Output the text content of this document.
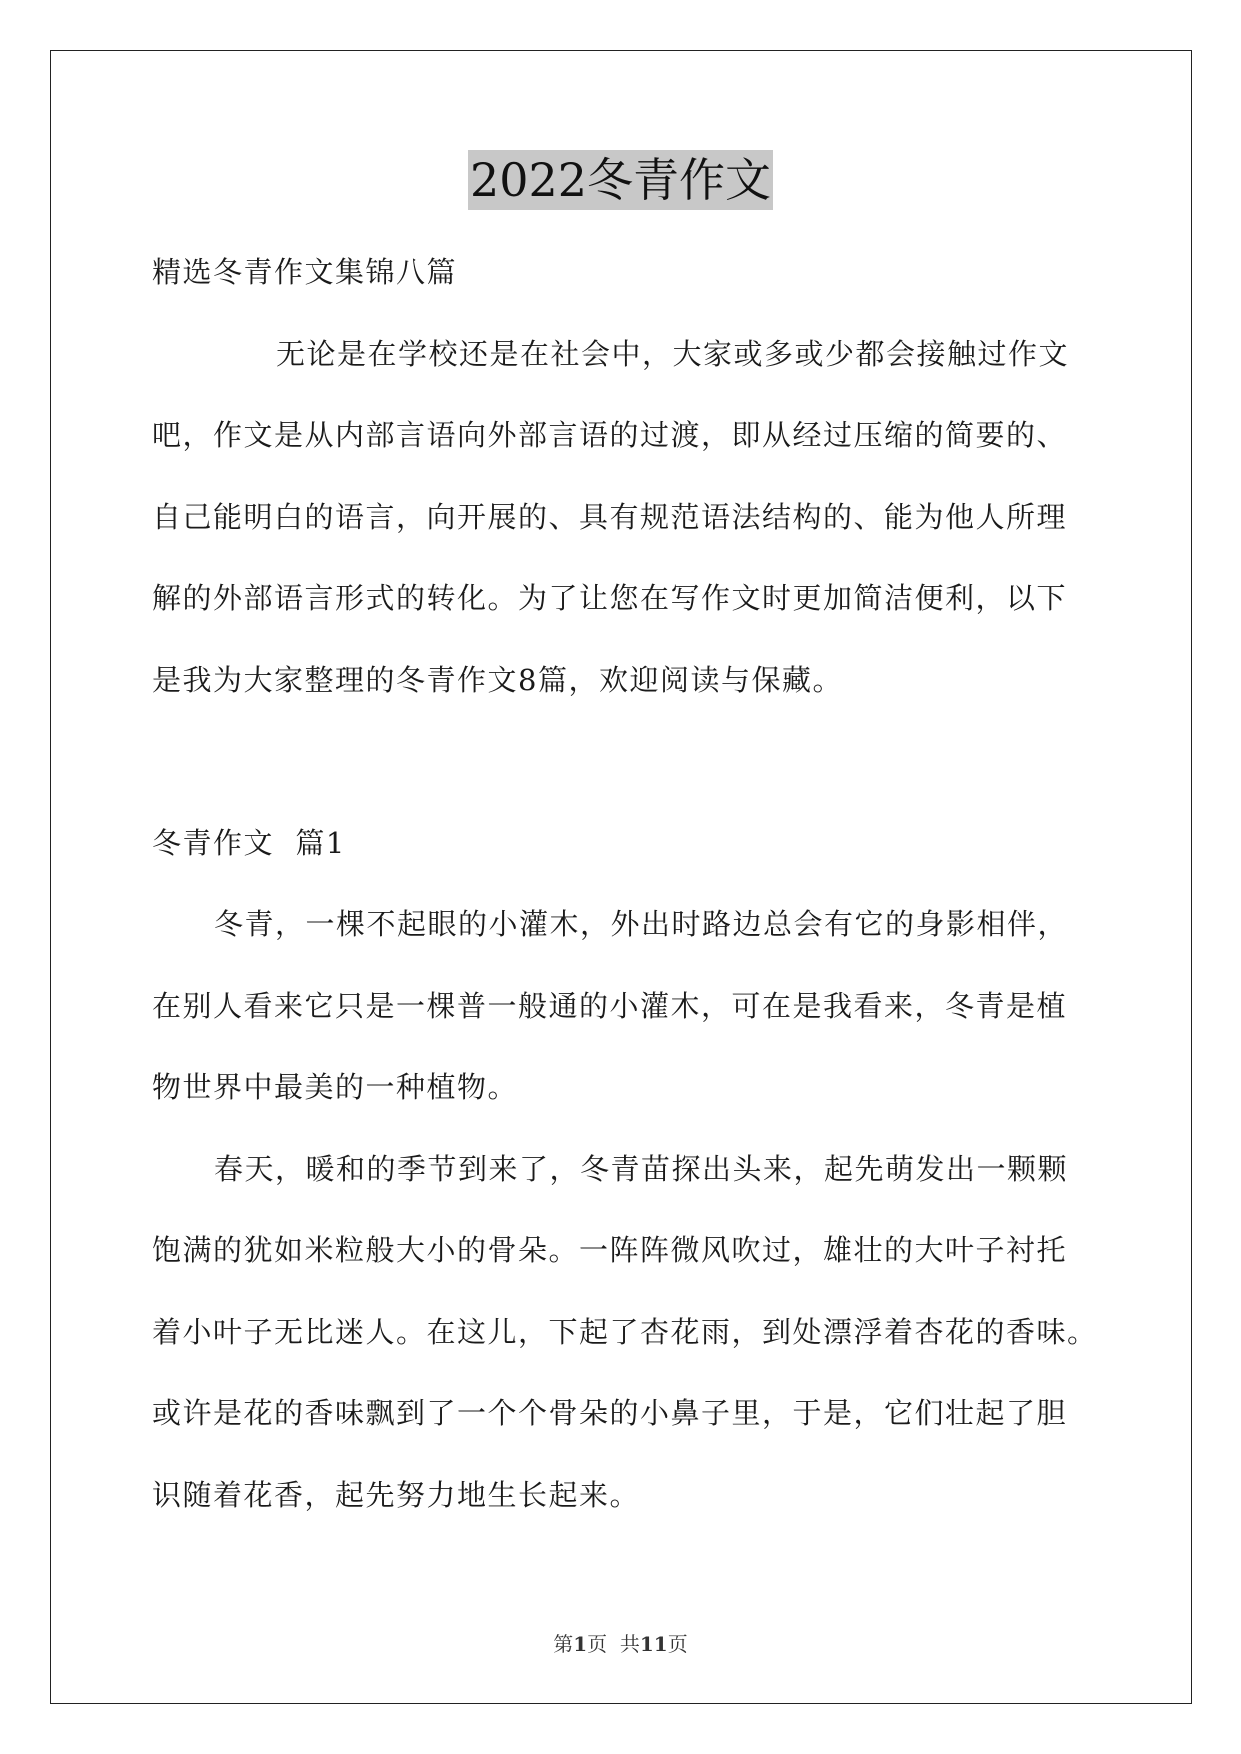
2022冬青作文
精选冬青作文集锦八篇
无论是在学校还是在社会中，大家或多或少都会接触过作文
吧，作文是从内部言语向外部言语的过渡，即从经过压缩的简要的、
自己能明白的语言，向开展的、具有规范语法结构的、能为他人所理
解的外部语言形式的转化。为了让您在写作文时更加简洁便利，以下
是我为大家整理的冬青作文8篇，欢迎阅读与保藏。
冬青作文  篇1
冬青，一棵不起眼的小灌木，外出时路边总会有它的身影相伴，
在别人看来它只是一棵普一般通的小灌木，可在是我看来，冬青是植
物世界中最美的一种植物。
春天，暖和的季节到来了，冬青苗探出头来，起先萌发出一颗颗
饱满的犹如米粒般大小的骨朵。一阵阵微风吹过，雄壮的大叶子衬托
着小叶子无比迷人。在这儿，下起了杏花雨，到处漂浮着杏花的香味。
或许是花的香味飘到了一个个骨朵的小鼻子里，于是，它们壮起了胆
识随着花香，起先努力地生长起来。
第1页  共11页
